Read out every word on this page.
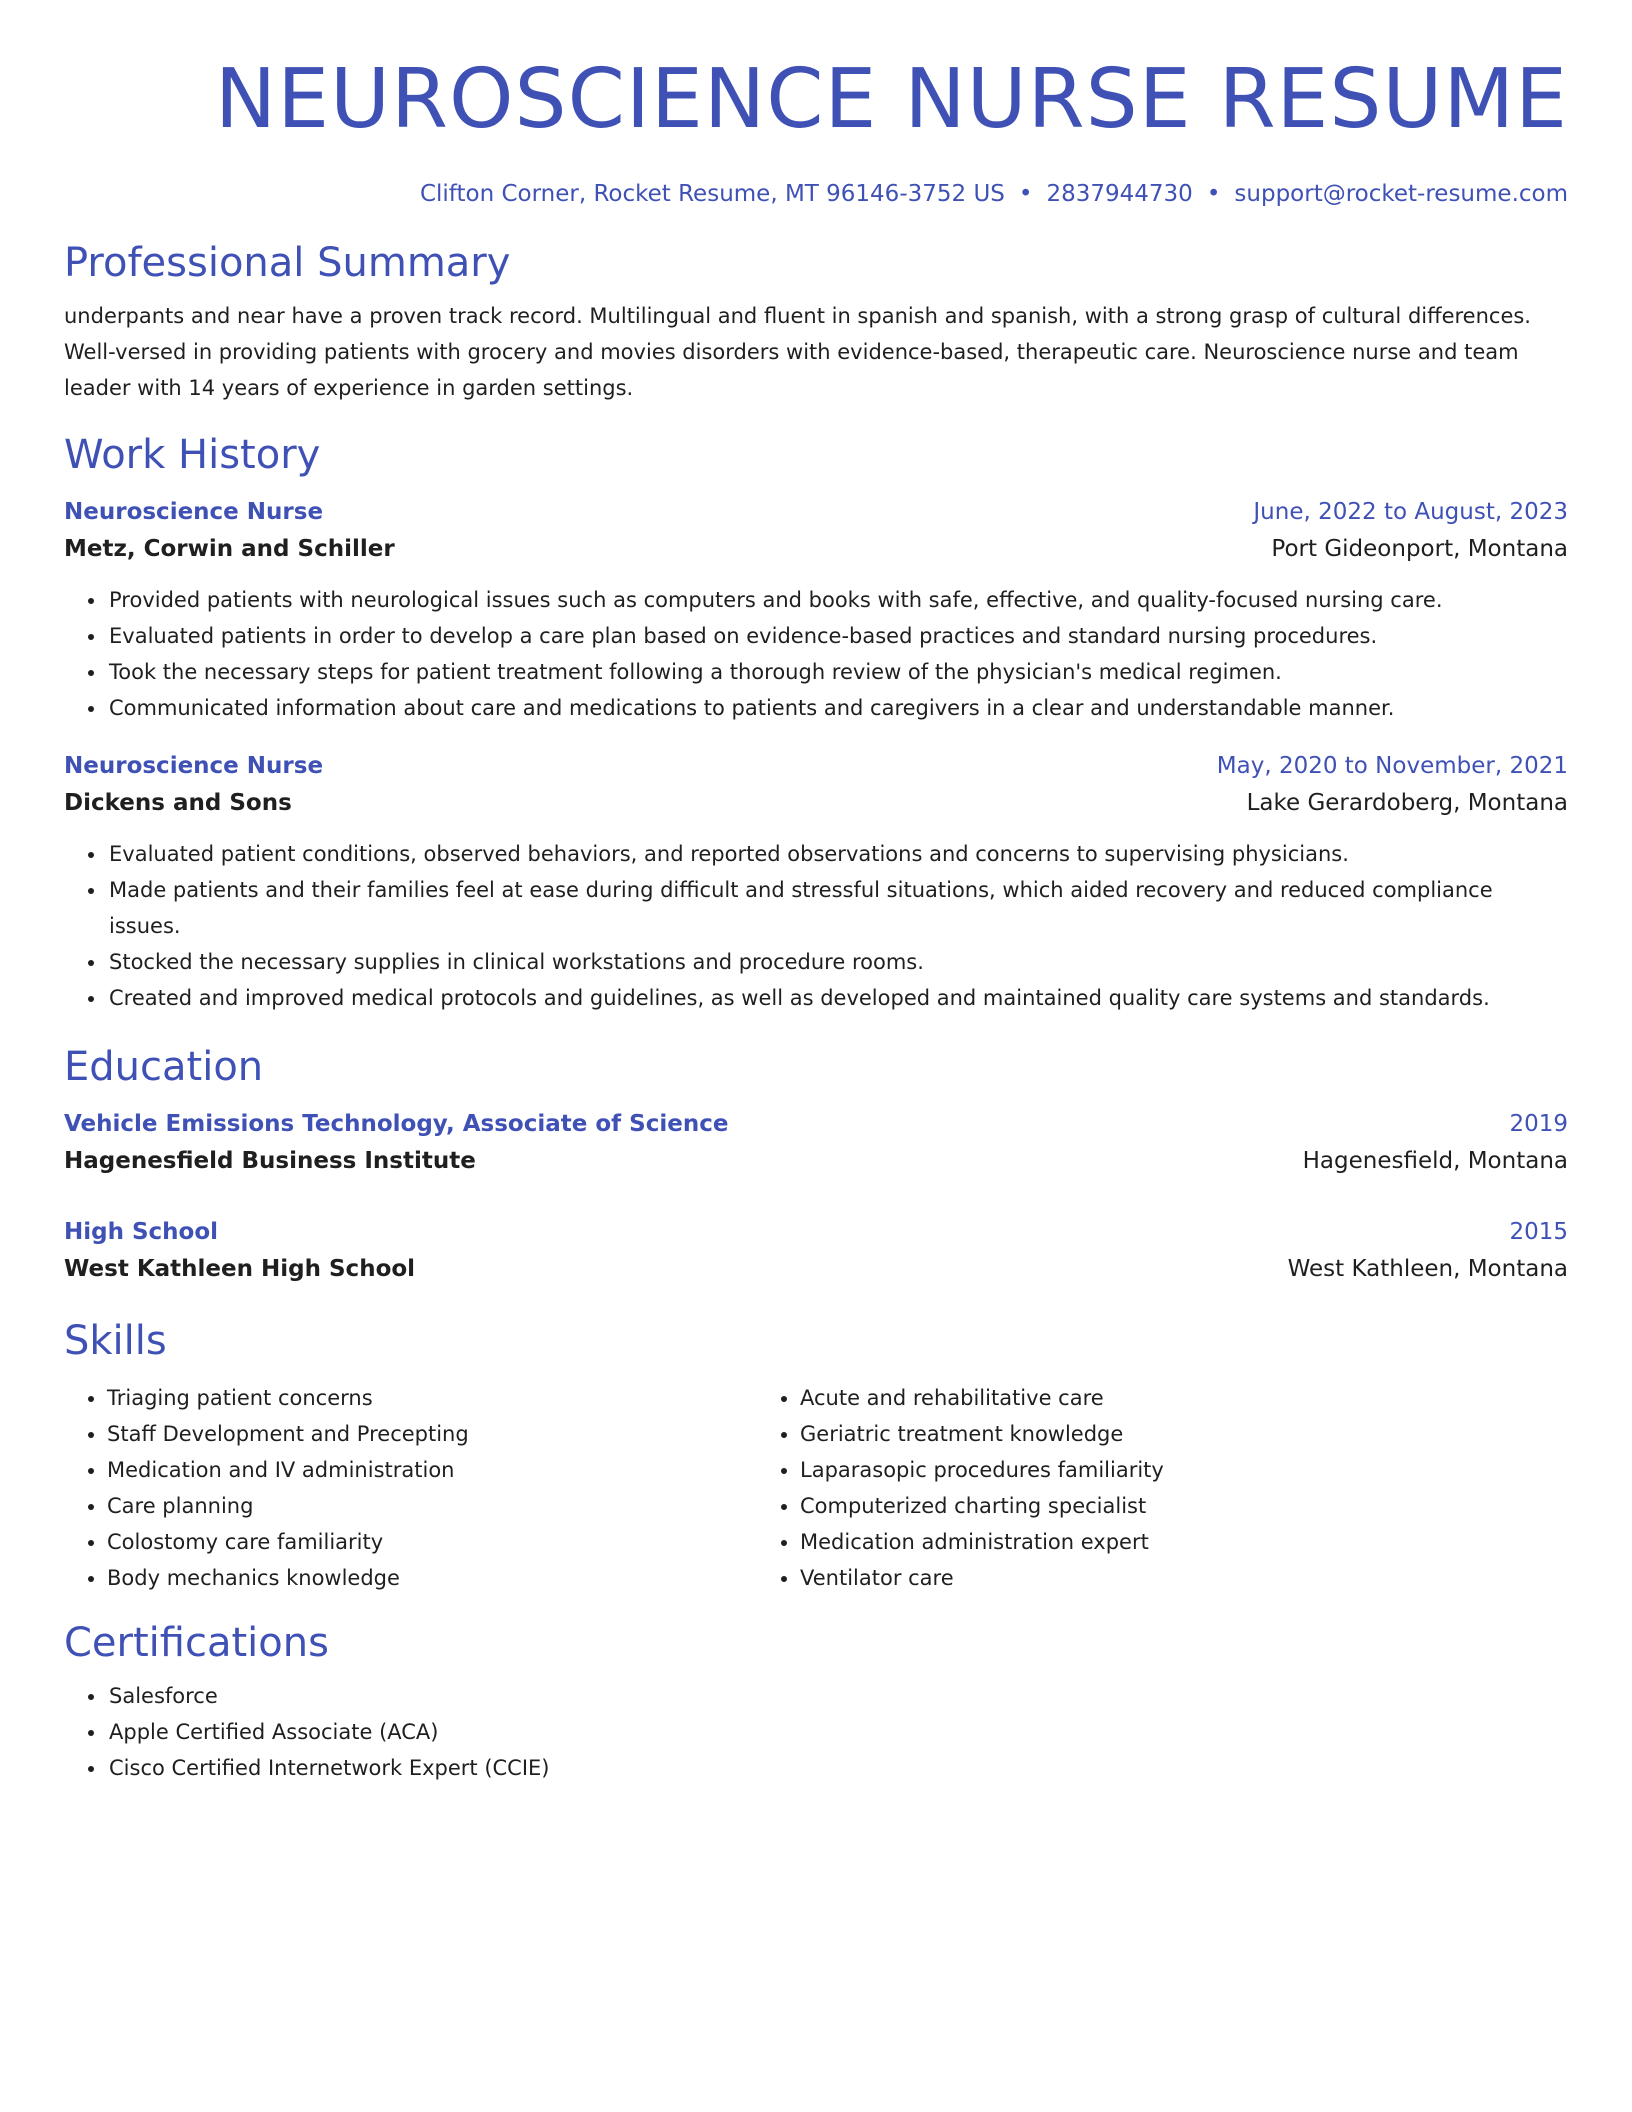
NEUROSCIENCE NURSE RESUME
Clifton Corner, Rocket Resume, MT 96146-3752 US • 2837944730 • support@rocket-resume.com
Professional Summary

underpants and near have a proven track record. Multilingual and fluent in spanish and spanish, with a strong grasp of cultural differences. Well-versed in providing patients with grocery and movies disorders with evidence-based, therapeutic care. Neuroscience nurse and team leader with 14 years of experience in garden settings.

Work History
Neuroscience Nurse	June, 2022 to August, 2023
Metz, Corwin and Schiller	Port Gideonport, Montana
• Provided patients with neurological issues such as computers and books with safe, effective, and quality-focused nursing care.
• Evaluated patients in order to develop a care plan based on evidence-based practices and standard nursing procedures.
• Took the necessary steps for patient treatment following a thorough review of the physician's medical regimen.
• Communicated information about care and medications to patients and caregivers in a clear and understandable manner.
Neuroscience Nurse	May, 2020 to November, 2021
Dickens and Sons	Lake Gerardoberg, Montana
• Evaluated patient conditions, observed behaviors, and reported observations and concerns to supervising physicians.
• Made patients and their families feel at ease during difficult and stressful situations, which aided recovery and reduced compliance issues.
• Stocked the necessary supplies in clinical workstations and procedure rooms.
• Created and improved medical protocols and guidelines, as well as developed and maintained quality care systems and standards.
Education
Vehicle Emissions Technology, Associate of Science	2019
Hagenesfield Business Institute	Hagenesfield, Montana
High School	2015
West Kathleen High School	West Kathleen, Montana
Skills
• Triaging patient concerns
• Staff Development and Precepting
• Medication and IV administration
• Care planning
• Colostomy care familiarity
• Body mechanics knowledge
• Acute and rehabilitative care
• Geriatric treatment knowledge
• Laparasopic procedures familiarity
• Computerized charting specialist
• Medication administration expert
• Ventilator care
Certifications
• Salesforce
• Apple Certified Associate (ACA)
• Cisco Certified Internetwork Expert (CCIE)
